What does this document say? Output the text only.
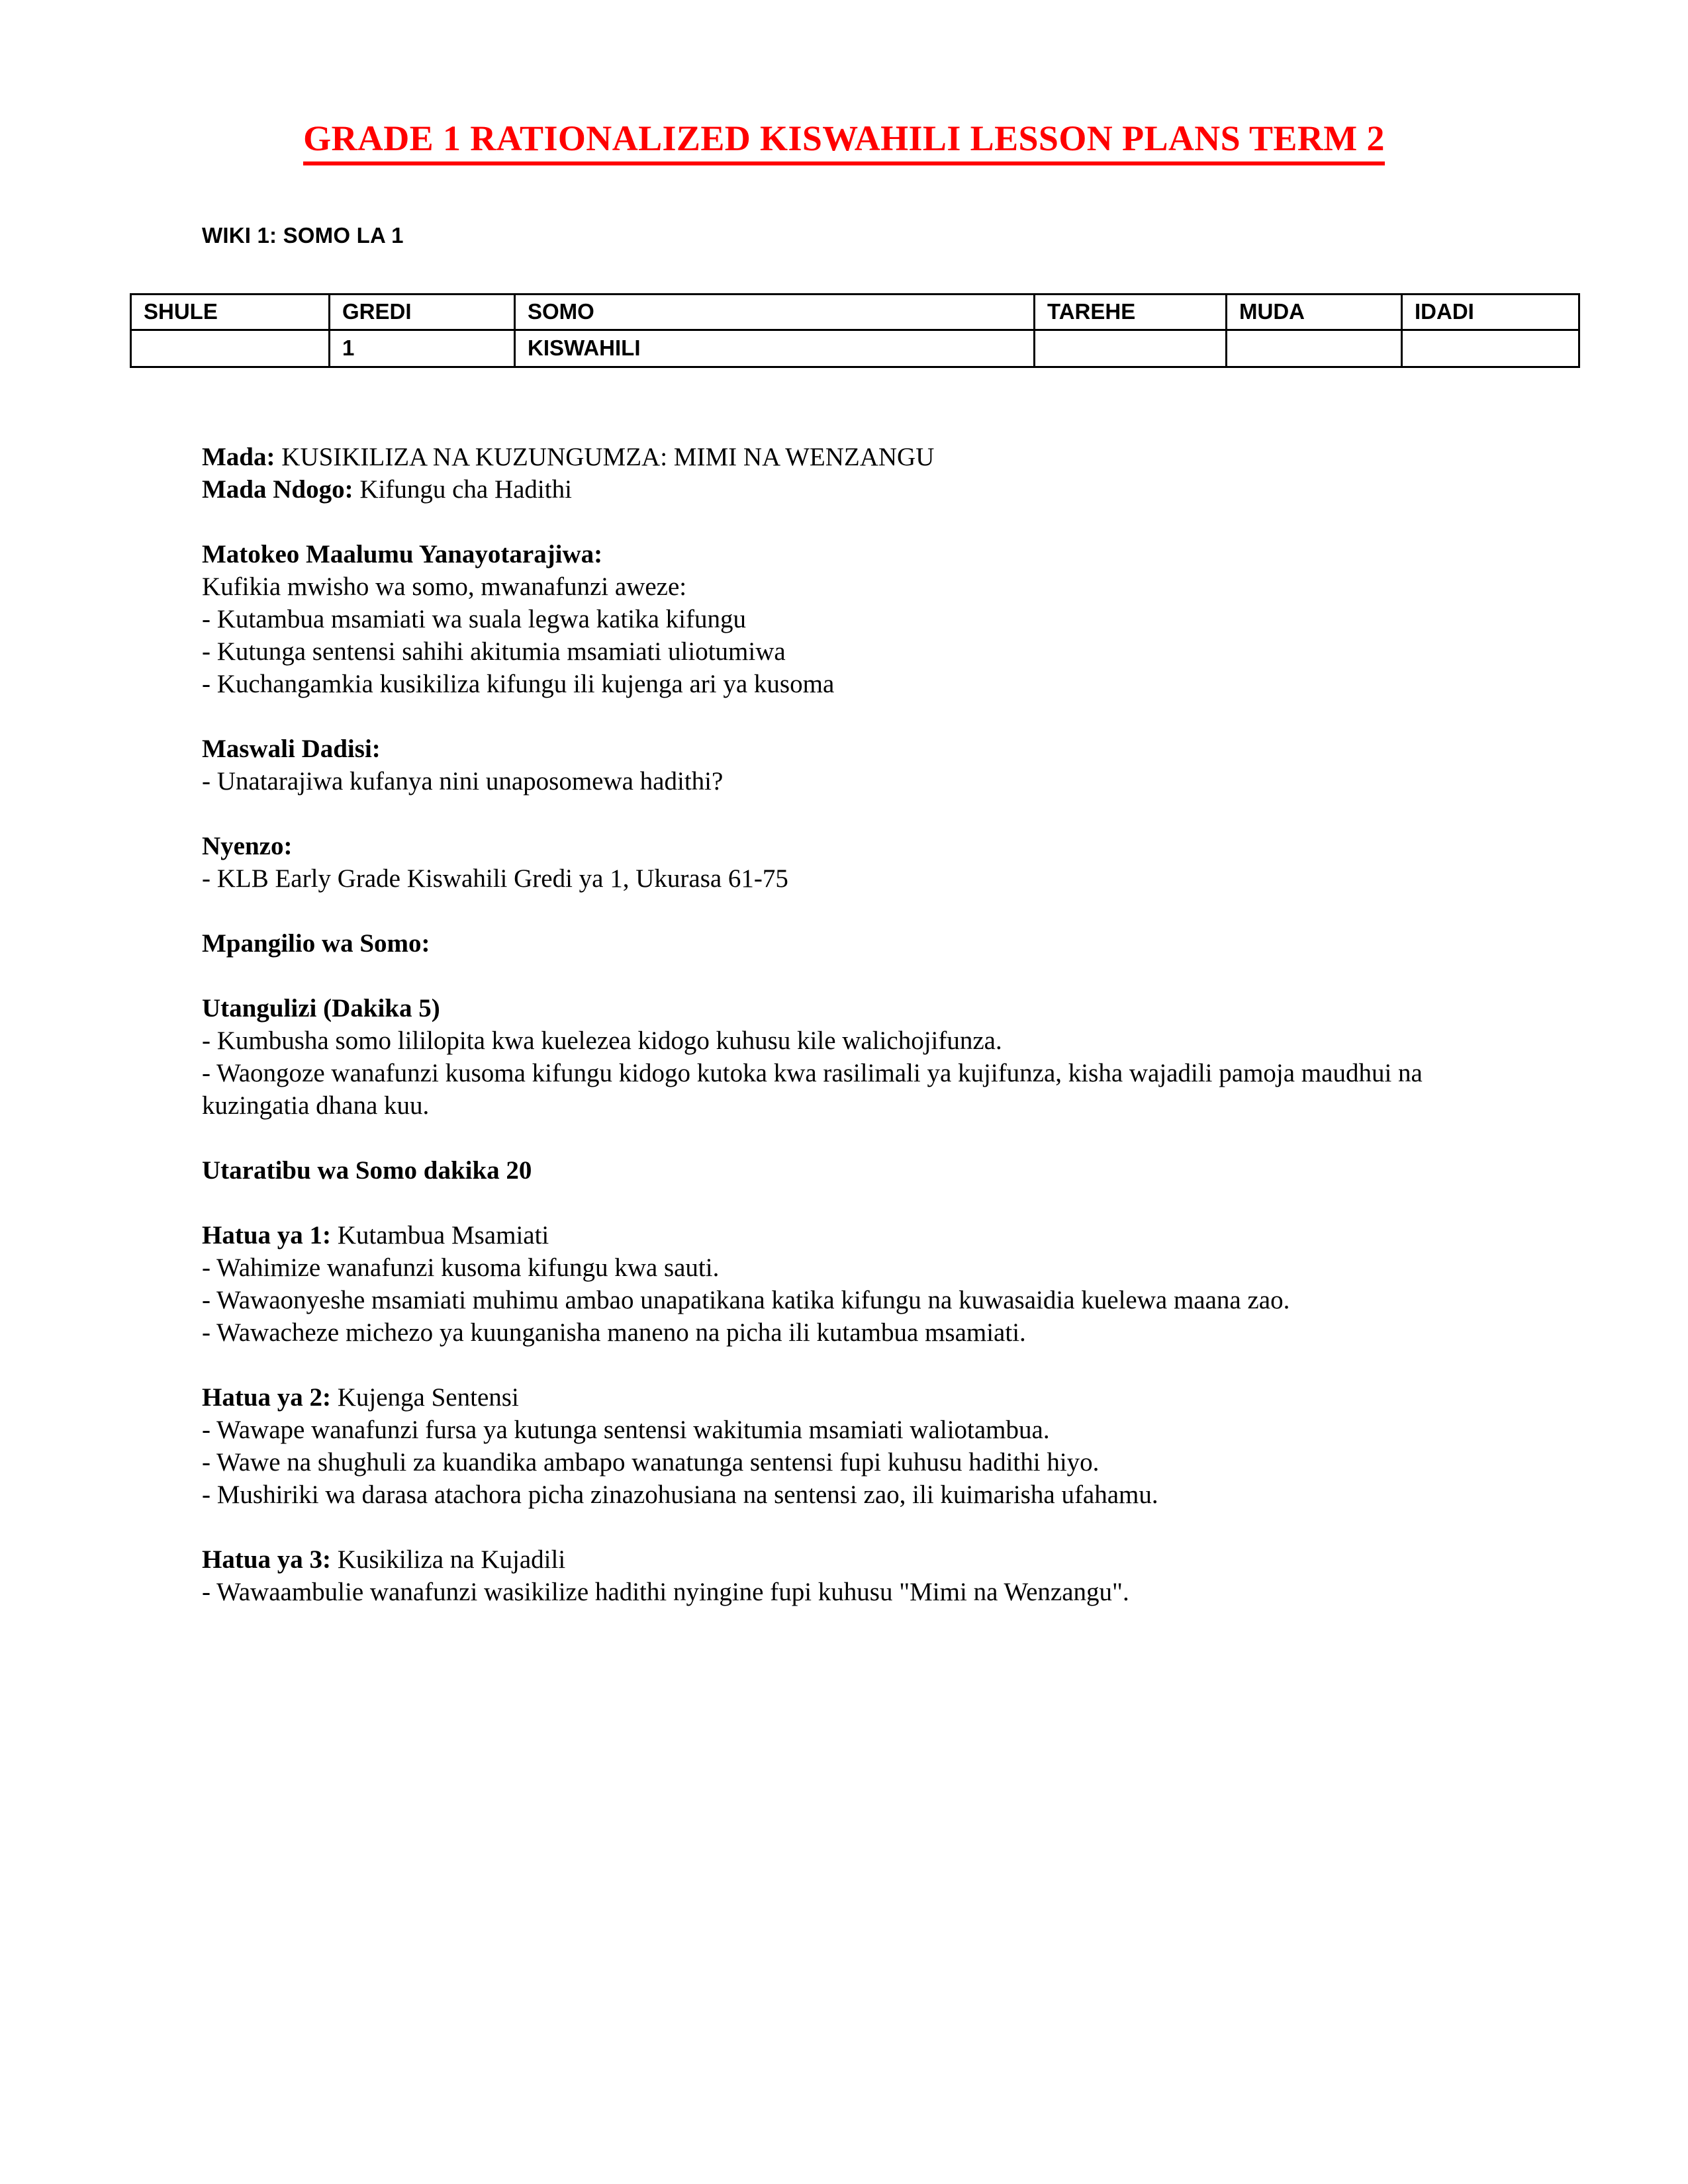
GRADE 1 RATIONALIZED KISWAHILI LESSON PLANS TERM 2
WIKI 1: SOMO LA 1
SHULE	GREDI	SOMO	TAREHE	MUDA	IDADI
	1	KISWAHILI			

Mada: KUSIKILIZA NA KUZUNGUMZA: MIMI NA WENZANGU

Mada Ndogo: Kifungu cha Hadithi

Matokeo Maalumu Yanayotarajiwa:

Kufikia mwisho wa somo, mwanafunzi aweze:

- Kutambua msamiati wa suala legwa katika kifungu

- Kutunga sentensi sahihi akitumia msamiati uliotumiwa

- Kuchangamkia kusikiliza kifungu ili kujenga ari ya kusoma

Maswali Dadisi:

- Unatarajiwa kufanya nini unaposomewa hadithi?

Nyenzo:

- KLB Early Grade Kiswahili Gredi ya 1, Ukurasa 61-75

Mpangilio wa Somo:

Utangulizi (Dakika 5)

- Kumbusha somo lililopita kwa kuelezea kidogo kuhusu kile walichojifunza.

- Waongoze wanafunzi kusoma kifungu kidogo kutoka kwa rasilimali ya kujifunza, kisha wajadili pamoja maudhui na kuzingatia dhana kuu.

Utaratibu wa Somo dakika 20

Hatua ya 1: Kutambua Msamiati

- Wahimize wanafunzi kusoma kifungu kwa sauti.

- Wawaonyeshe msamiati muhimu ambao unapatikana katika kifungu na kuwasaidia kuelewa maana zao.

- Wawacheze michezo ya kuunganisha maneno na picha ili kutambua msamiati.

Hatua ya 2: Kujenga Sentensi

- Wawape wanafunzi fursa ya kutunga sentensi wakitumia msamiati waliotambua.

- Wawe na shughuli za kuandika ambapo wanatunga sentensi fupi kuhusu hadithi hiyo.

- Mushiriki wa darasa atachora picha zinazohusiana na sentensi zao, ili kuimarisha ufahamu.

Hatua ya 3: Kusikiliza na Kujadili

- Wawaambulie wanafunzi wasikilize hadithi nyingine fupi kuhusu "Mimi na Wenzangu".
